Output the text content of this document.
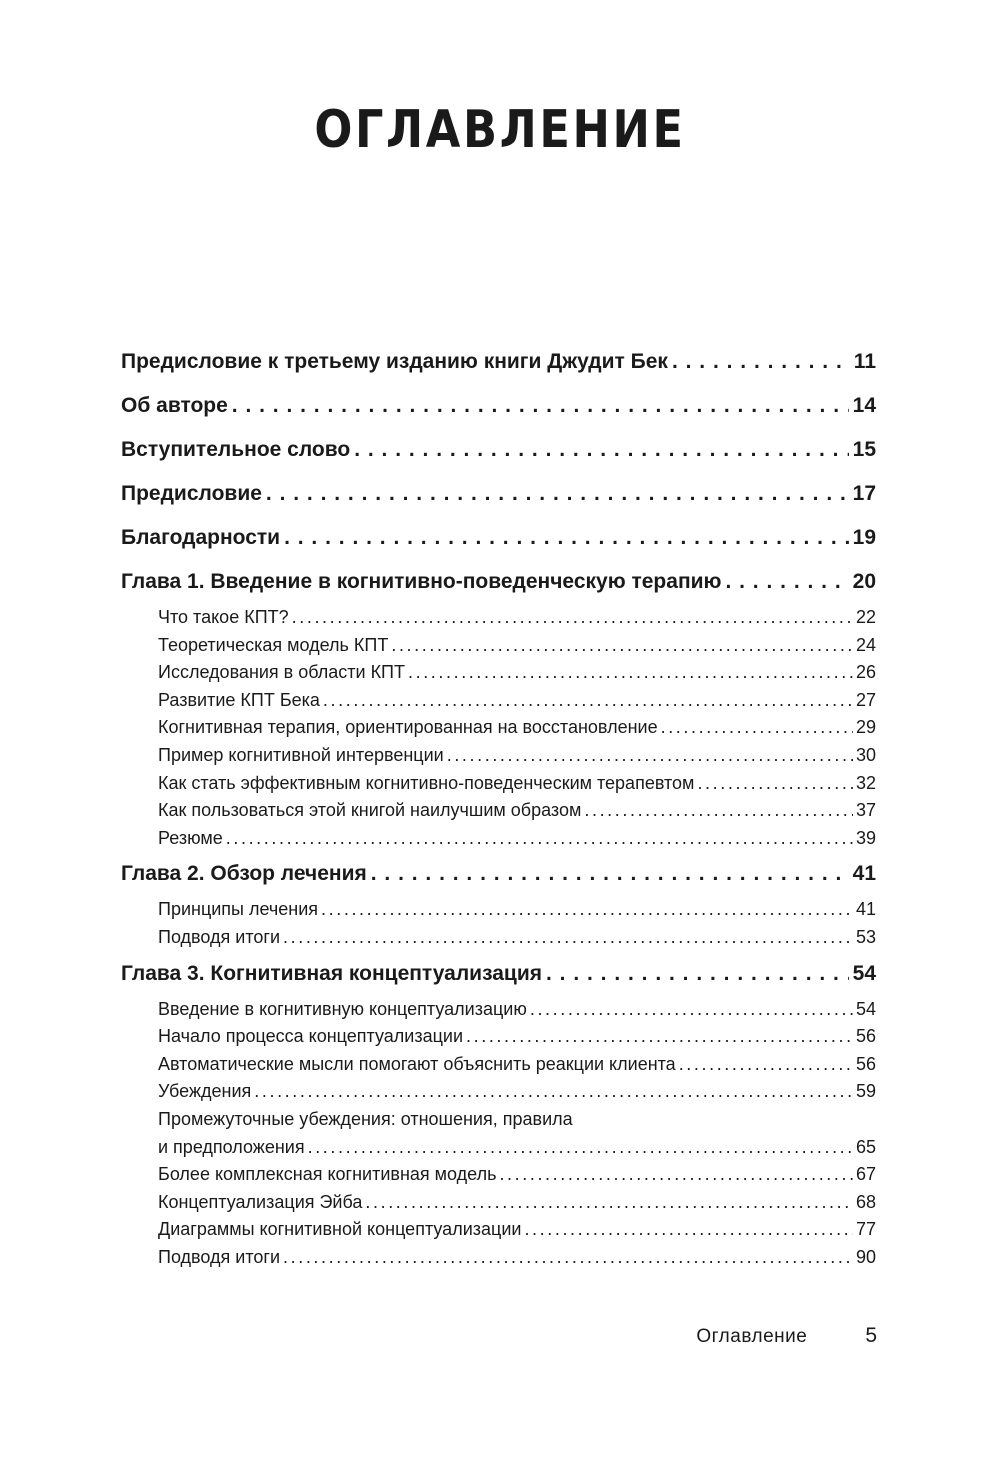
ОГЛАВЛЕНИЕ
Предисловие к третьему изданию книги Джудит Бек . . .	11
Об авторе . . .	14
Вступительное слово . . .	15
Предисловие . . .	17
Благодарности . . .	19
Глава 1. Введение в когнитивно-поведенческую терапию . . .	20
Что такое КПТ? .....	22
Теоретическая модель КПТ .....	24
Исследования в области КПТ .....	26
Развитие КПТ Бека .....	27
Когнитивная терапия, ориентированная на восстановление .....	29
Пример когнитивной интервенции .....	30
Как стать эффективным когнитивно-поведенческим терапевтом .....	32
Как пользоваться этой книгой наилучшим образом .....	37
Резюме .....	39
Глава 2. Обзор лечения . . .	41
Принципы лечения .....	41
Подводя итоги .....	53
Глава 3. Когнитивная концептуализация . . .	54
Введение в когнитивную концептуализацию .....	54
Начало процесса концептуализации .....	56
Автоматические мысли помогают объяснить реакции клиента .....	56
Убеждения .....	59
Промежуточные убеждения: отношения, правила
и предположения .....	65
Более комплексная когнитивная модель .....	67
Концептуализация Эйба .....	68
Диаграммы когнитивной концептуализации .....	77
Подводя итоги .....	90
Оглавление	5
